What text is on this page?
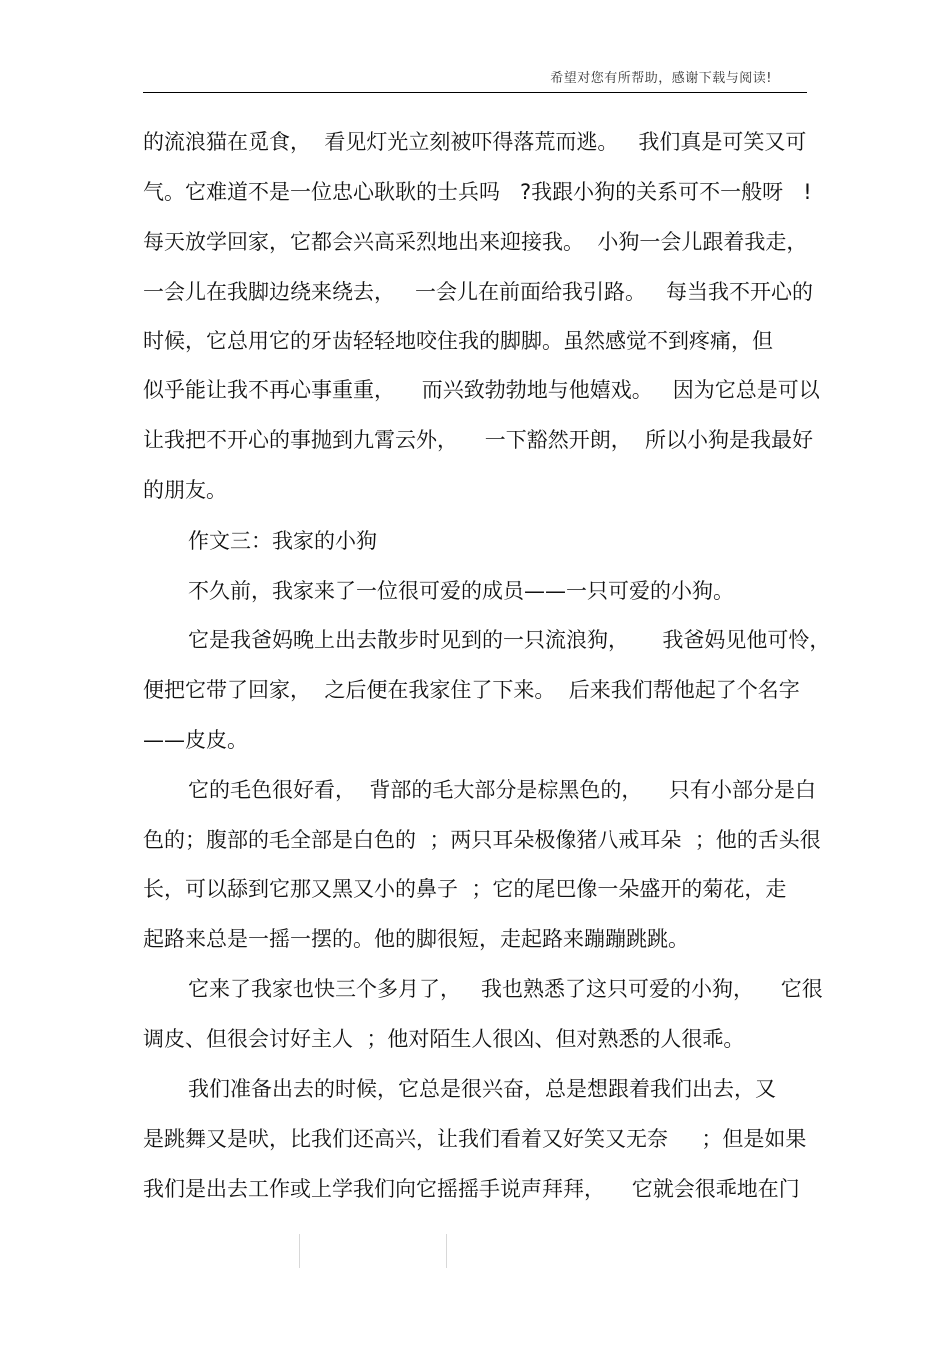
希望对您有所帮助，感谢下载与阅读!
的流浪猫在觅食，  看见灯光立刻被吓得落荒而逃。   我们真是可笑又可
气。它难道不是一位忠心耿耿的士兵吗   ?我跟小狗的关系可不一般呀   !
每天放学回家，它都会兴高采烈地出来迎接我。  小狗一会儿跟着我走，
一会儿在我脚边绕来绕去，   一会儿在前面给我引路。   每当我不开心的
时候，它总用它的牙齿轻轻地咬住我的脚脚。虽然感觉不到疼痛，但
似乎能让我不再心事重重，    而兴致勃勃地与他嬉戏。   因为它总是可以
让我把不开心的事抛到九霄云外，    一下豁然开朗，  所以小狗是我最好
的朋友。
作文三：我家的小狗
不久前，我家来了一位很可爱的成员——一只可爱的小狗。
它是我爸妈晚上出去散步时见到的一只流浪狗，     我爸妈见他可怜，
便把它带了回家，  之后便在我家住了下来。  后来我们帮他起了个名字
——皮皮。
它的毛色很好看，  背部的毛大部分是棕黑色的，    只有小部分是白
色的；腹部的毛全部是白色的  ；两只耳朵极像猪八戒耳朵  ；他的舌头很
长，可以舔到它那又黑又小的鼻子  ；它的尾巴像一朵盛开的菊花，走
起路来总是一摇一摆的。他的脚很短，走起路来蹦蹦跳跳。
它来了我家也快三个多月了，   我也熟悉了这只可爱的小狗，    它很
调皮、但很会讨好主人  ；他对陌生人很凶、但对熟悉的人很乖。
我们准备出去的时候，它总是很兴奋，总是想跟着我们出去，又
是跳舞又是吠，比我们还高兴，让我们看着又好笑又无奈     ；但是如果
我们是出去工作或上学我们向它摇摇手说声拜拜，    它就会很乖地在门
